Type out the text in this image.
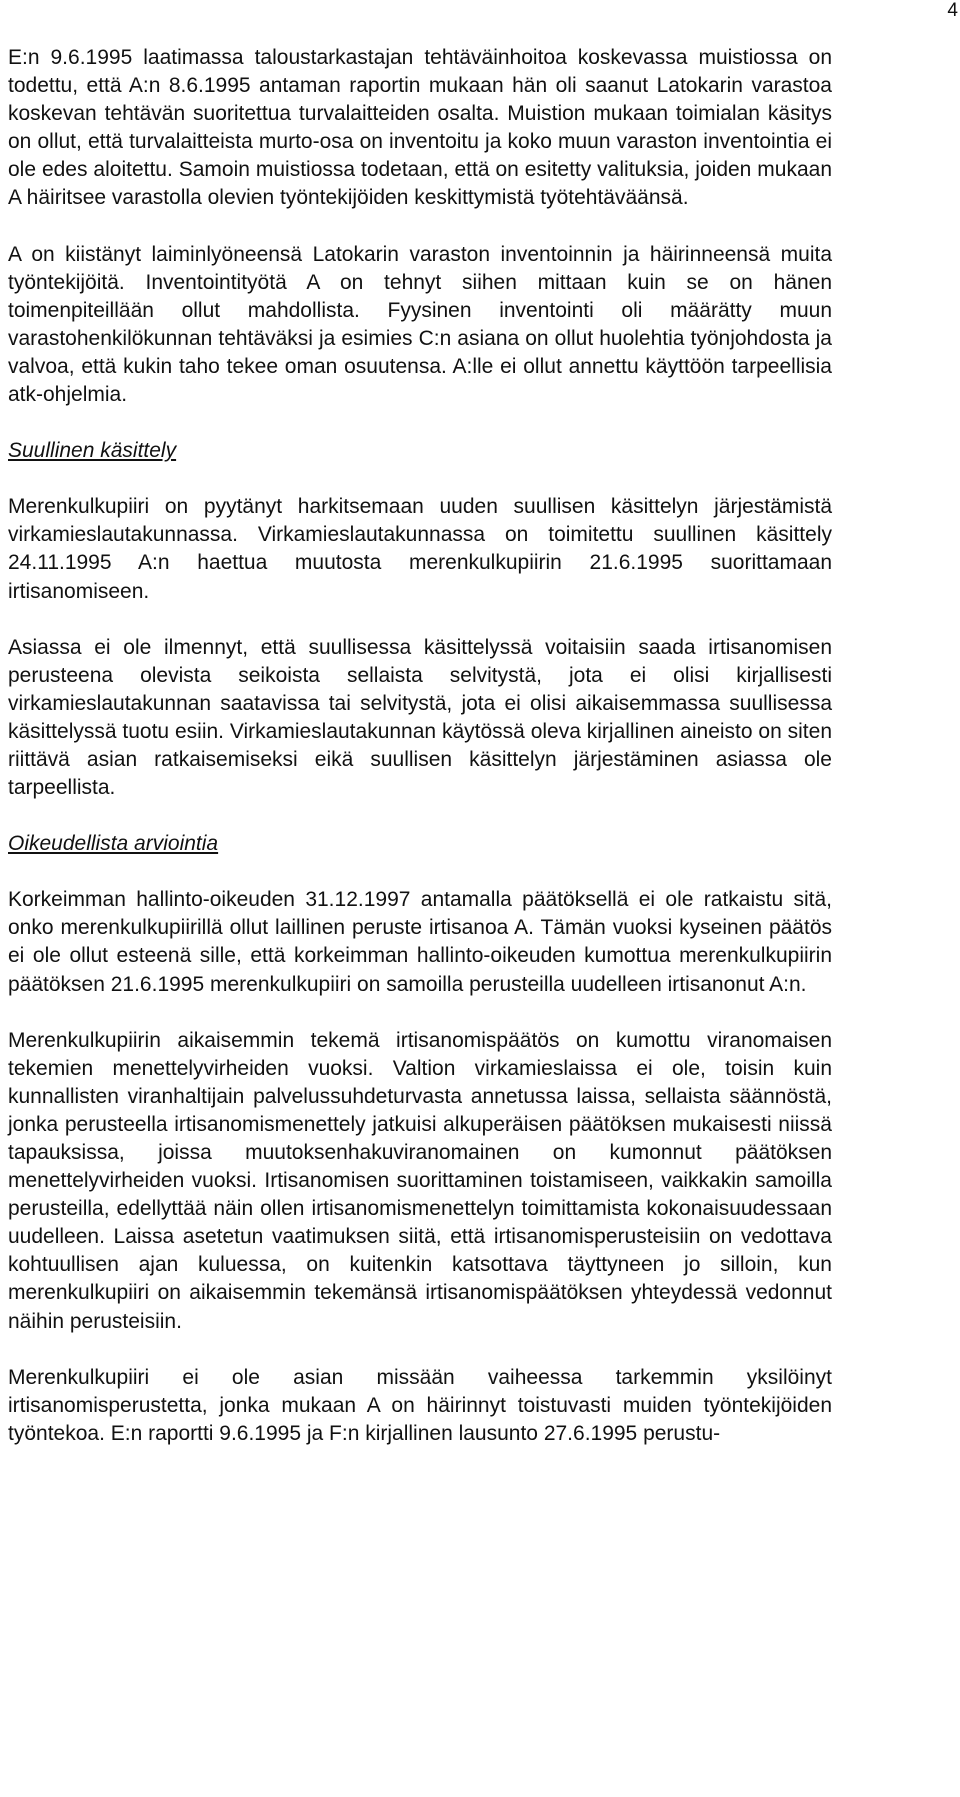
4

E:n 9.6.1995 laatimassa taloustarkastajan tehtäväinhoitoa koskevassa muistiossa on todettu, että A:n 8.6.1995 antaman raportin mukaan hän oli saanut Latokarin varastoa koskevan tehtävän suoritettua turvalaitteiden osalta. Muistion mukaan toimialan käsitys on ollut, että turvalaitteista murto-osa on inventoitu ja koko muun varaston inventointia ei ole edes aloitettu. Samoin muistiossa todetaan, että on esitetty valituksia, joiden mukaan A häiritsee varastolla olevien työntekijöiden keskittymistä työtehtäväänsä.

A on kiistänyt laiminlyöneensä Latokarin varaston inventoinnin ja häirinneensä muita työntekijöitä. Inventointityötä A on tehnyt siihen mittaan kuin se on hänen toimenpiteillään ollut mahdollista. Fyysinen inventointi oli määrätty muun varastohenkilökunnan tehtäväksi ja esimies C:n asiana on ollut huolehtia työnjohdosta ja valvoa, että kukin taho tekee oman osuutensa. A:lle ei ollut annettu käyttöön tarpeellisia atk-ohjelmia.

Suullinen käsittely

Merenkulkupiiri on pyytänyt harkitsemaan uuden suullisen käsittelyn järjestämistä virkamieslautakunnassa. Virkamieslautakunnassa on toimitettu suullinen käsittely 24.11.1995 A:n haettua muutosta merenkulkupiirin 21.6.1995 suorittamaan irtisanomiseen.

Asiassa ei ole ilmennyt, että suullisessa käsittelyssä voitaisiin saada irtisanomisen perusteena olevista seikoista sellaista selvitystä, jota ei olisi kirjallisesti virkamieslautakunnan saatavissa tai selvitystä, jota ei olisi aikaisemmassa suullisessa käsittelyssä tuotu esiin. Virkamieslautakunnan käytössä oleva kirjallinen aineisto on siten riittävä asian ratkaisemiseksi eikä suullisen käsittelyn järjestäminen asiassa ole tarpeellista.

Oikeudellista arviointia

Korkeimman hallinto-oikeuden 31.12.1997 antamalla päätöksellä ei ole ratkaistu sitä, onko merenkulkupiirillä ollut laillinen peruste irtisanoa A. Tämän vuoksi kyseinen päätös ei ole ollut esteenä sille, että korkeimman hallinto-oikeuden kumottua merenkulkupiirin päätöksen 21.6.1995 merenkulkupiiri on samoilla perusteilla uudelleen irtisanonut A:n.

Merenkulkupiirin aikaisemmin tekemä irtisanomispäätös on kumottu viranomaisen tekemien menettelyvirheiden vuoksi. Valtion virkamieslaissa ei ole, toisin kuin kunnallisten viranhaltijain palvelussuhdeturvasta annetussa laissa, sellaista säännöstä, jonka perusteella irtisanomismenettely jatkuisi alkuperäisen päätöksen mukaisesti niissä tapauksissa, joissa muutoksenhakuviranomainen on kumonnut päätöksen menettelyvirheiden vuoksi. Irtisanomisen suorittaminen toistamiseen, vaikkakin samoilla perusteilla, edellyttää näin ollen irtisanomismenettelyn toimittamista kokonaisuudessaan uudelleen. Laissa asetetun vaatimuksen siitä, että irtisanomisperusteisiin on vedottava kohtuullisen ajan kuluessa, on kuitenkin katsottava täyttyneen jo silloin, kun merenkulkupiiri on aikaisemmin tekemänsä irtisanomispäätöksen yhteydessä vedonnut näihin perusteisiin.

Merenkulkupiiri ei ole asian missään vaiheessa tarkemmin yksilöinyt irtisanomisperustetta, jonka mukaan A on häirinnyt toistuvasti muiden työntekijöiden työntekoa. E:n raportti 9.6.1995 ja F:n kirjallinen lausunto 27.6.1995 perustu-
